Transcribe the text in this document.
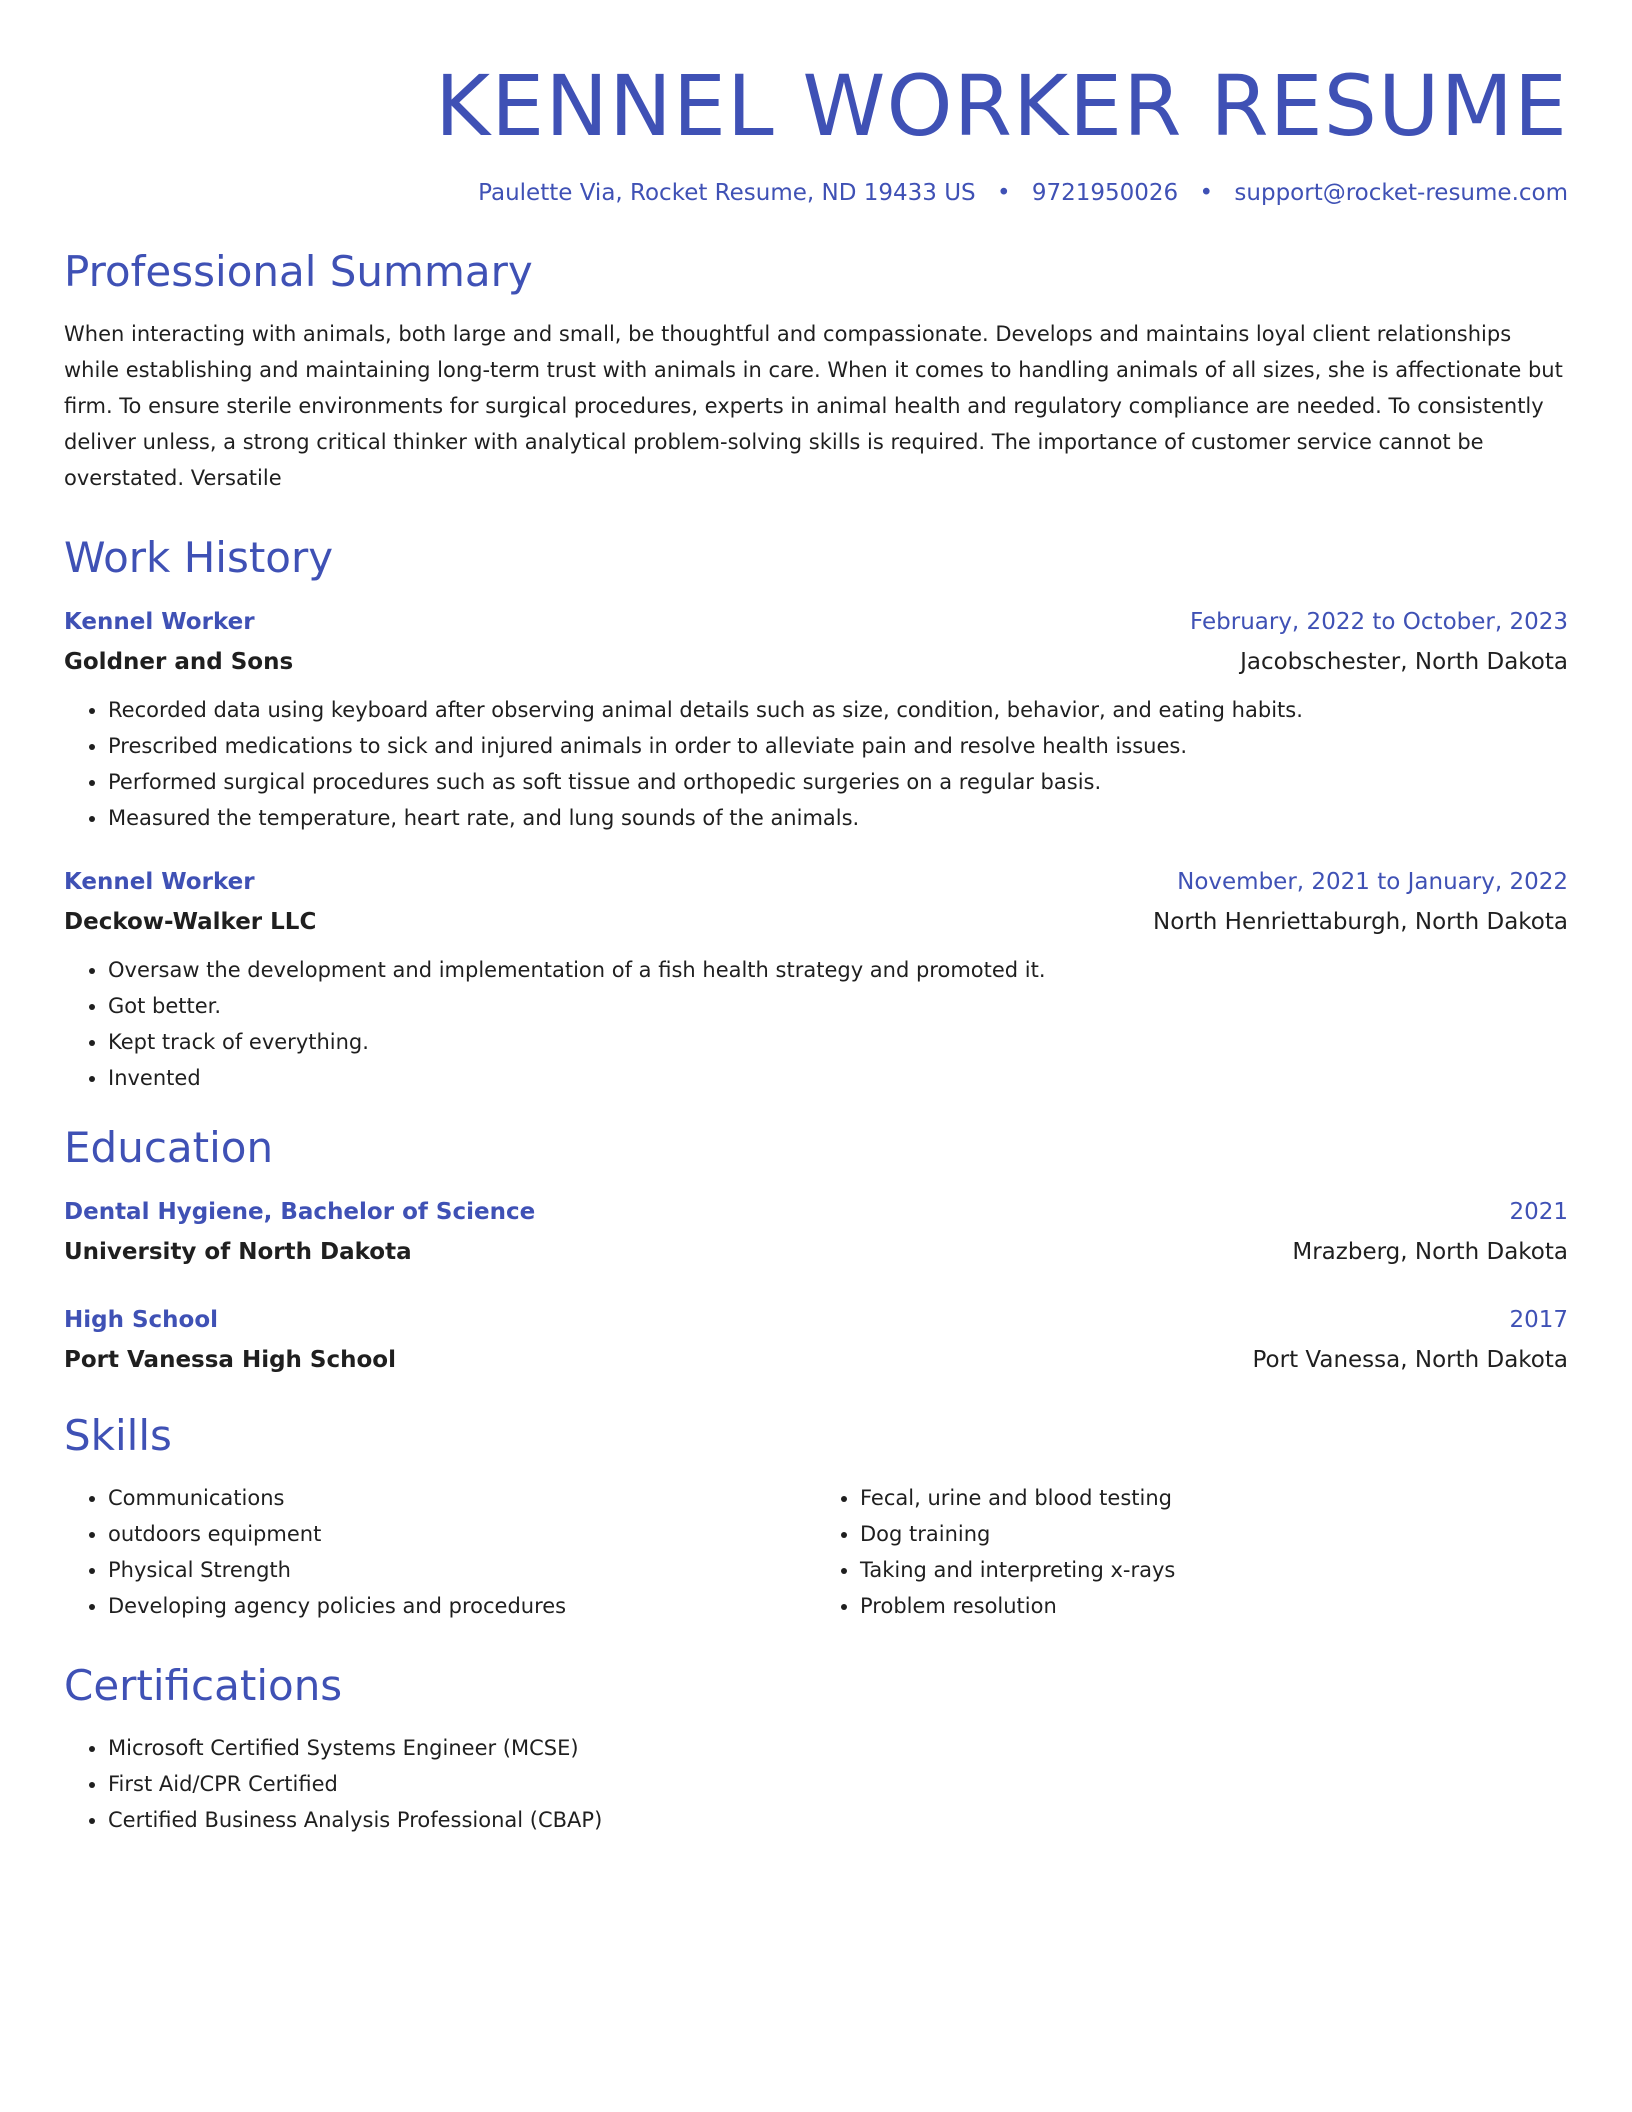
KENNEL WORKER RESUME
Paulette Via, Rocket Resume, ND 19433 US • 9721950026 • support@rocket-resume.com
Professional Summary

When interacting with animals, both large and small, be thoughtful and compassionate. Develops and maintains loyal client relationships while establishing and maintaining long-term trust with animals in care. When it comes to handling animals of all sizes, she is affectionate but firm. To ensure sterile environments for surgical procedures, experts in animal health and regulatory compliance are needed. To consistently deliver unless, a strong critical thinker with analytical problem-solving skills is required. The importance of customer service cannot be overstated. Versatile

Work History
Kennel Worker	February, 2022 to October, 2023
Goldner and Sons	Jacobschester, North Dakota
• Recorded data using keyboard after observing animal details such as size, condition, behavior, and eating habits.
• Prescribed medications to sick and injured animals in order to alleviate pain and resolve health issues.
• Performed surgical procedures such as soft tissue and orthopedic surgeries on a regular basis.
• Measured the temperature, heart rate, and lung sounds of the animals.
Kennel Worker	November, 2021 to January, 2022
Deckow-Walker LLC	North Henriettaburgh, North Dakota
• Oversaw the development and implementation of a fish health strategy and promoted it.
• Got better.
• Kept track of everything.
• Invented
Education
Dental Hygiene, Bachelor of Science	2021
University of North Dakota	Mrazberg, North Dakota
High School	2017
Port Vanessa High School	Port Vanessa, North Dakota
Skills
• Communications
• outdoors equipment
• Physical Strength
• Developing agency policies and procedures
• Fecal, urine and blood testing
• Dog training
• Taking and interpreting x-rays
• Problem resolution
Certifications
• Microsoft Certified Systems Engineer (MCSE)
• First Aid/CPR Certified
• Certified Business Analysis Professional (CBAP)
